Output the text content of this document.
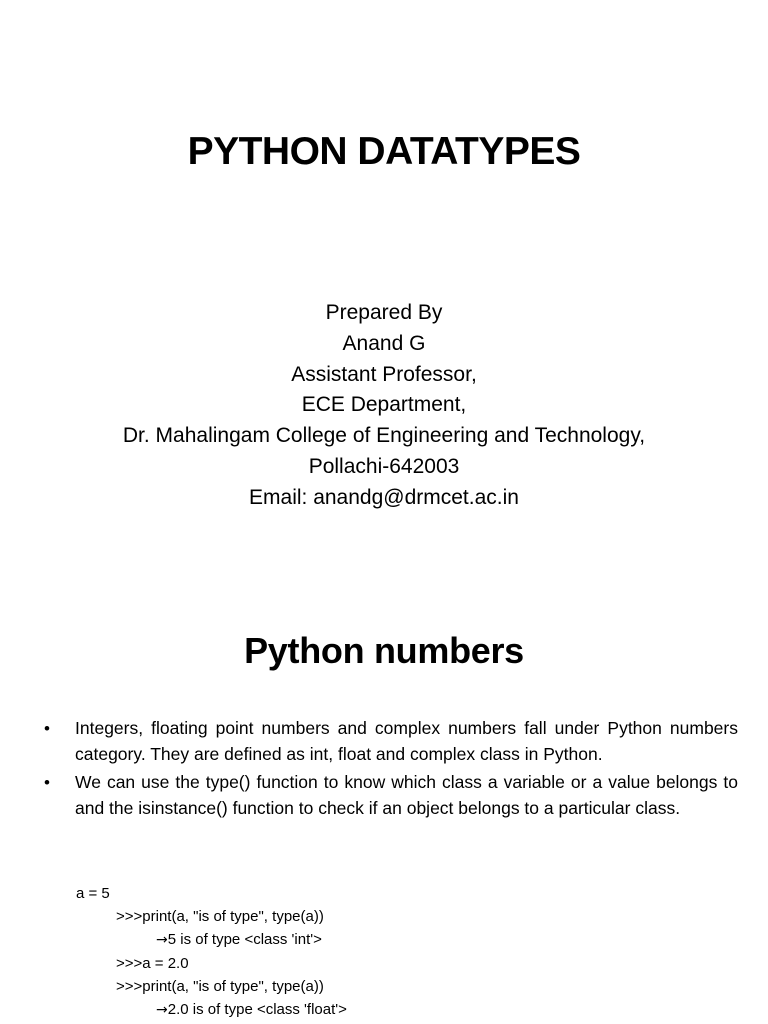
PYTHON DATATYPES
Prepared By
Anand G
Assistant Professor,
ECE Department,
Dr. Mahalingam College of Engineering and Technology,
Pollachi-642003
Email: anandg@drmcet.ac.in
Python numbers
• Integers, floating point numbers and complex numbers fall under Python numbers category. They are defined as int, float and complex class in Python.
• We can use the type() function to know which class a variable or a value belongs to and the isinstance() function to check if an object belongs to a particular class.
a = 5
>>>print(a, "is of type", type(a))
→5 is of type <class 'int'>
>>>a = 2.0
>>>print(a, "is of type", type(a))
→2.0 is of type <class 'float'>
